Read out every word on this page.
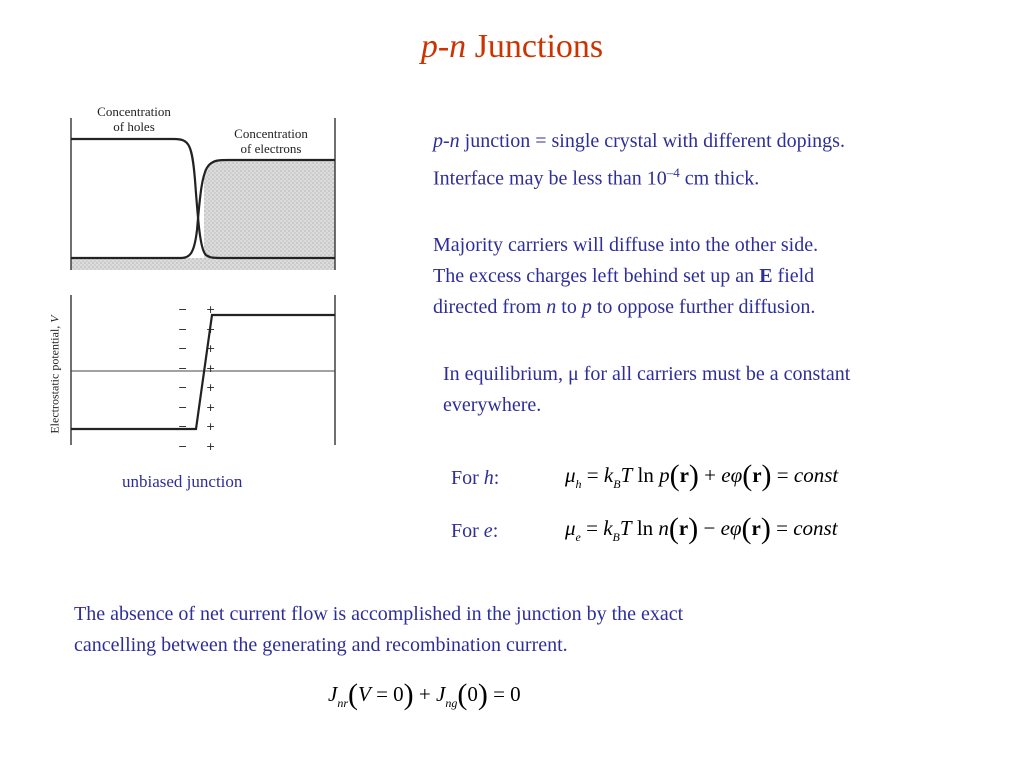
p-n Junctions
Concentration
of holes	Concentration
of electrons
Electrostatic potential, V
− +
− +
− +
− +
− +
− +
− +
− +
unbiased junction
p-n junction = single crystal with different dopings.
Interface may be less than $10^{-4}$ cm thick.
Majority carriers will diffuse into the other side.
The excess charges left behind set up an E field
directed from n to p to oppose further diffusion.
In equilibrium, μ for all carriers must be a constant
everywhere.
For h:
For e:
$\mu_h = k_BT$ ln p(r) + eφ(r) = const
$\mu_e = k_BT$ ln n(r) − eφ(r) = const
The absence of net current flow is accomplished in the junction by the exact
cancelling between the generating and recombination current.
$J_{nr}(V = 0) + J_{ng}(0) = 0$
